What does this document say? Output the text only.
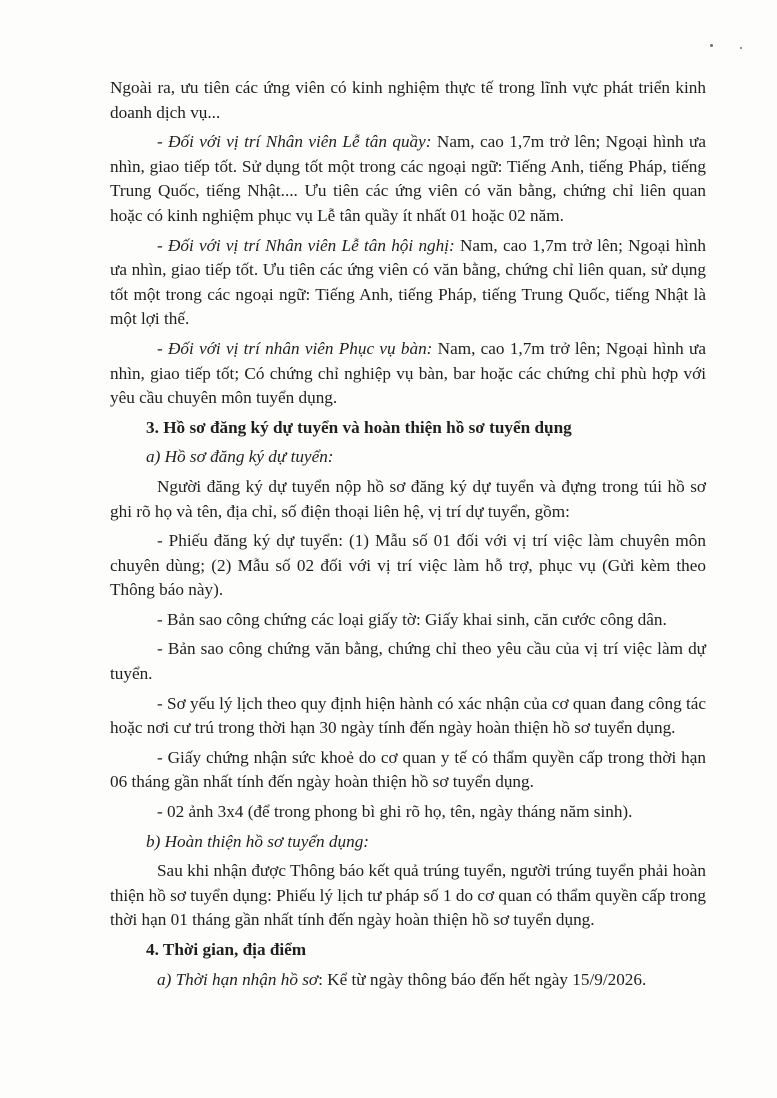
Ngoài ra, ưu tiên các ứng viên có kinh nghiệm thực tế trong lĩnh vực phát triển kinh doanh dịch vụ...

- Đối với vị trí Nhân viên Lễ tân quầy: Nam, cao 1,7m trở lên; Ngoại hình ưa nhìn, giao tiếp tốt. Sử dụng tốt một trong các ngoại ngữ: Tiếng Anh, tiếng Pháp, tiếng Trung Quốc, tiếng Nhật.... Ưu tiên các ứng viên có văn bằng, chứng chỉ liên quan hoặc có kinh nghiệm phục vụ Lễ tân quầy ít nhất 01 hoặc 02 năm.

- Đối với vị trí Nhân viên Lễ tân hội nghị: Nam, cao 1,7m trở lên; Ngoại hình ưa nhìn, giao tiếp tốt. Ưu tiên các ứng viên có văn bằng, chứng chỉ liên quan, sử dụng tốt một trong các ngoại ngữ: Tiếng Anh, tiếng Pháp, tiếng Trung Quốc, tiếng Nhật là một lợi thế.

- Đối với vị trí nhân viên Phục vụ bàn: Nam, cao 1,7m trở lên; Ngoại hình ưa nhìn, giao tiếp tốt; Có chứng chỉ nghiệp vụ bàn, bar hoặc các chứng chỉ phù hợp với yêu cầu chuyên môn tuyển dụng.

3. Hồ sơ đăng ký dự tuyển và hoàn thiện hồ sơ tuyển dụng

a) Hồ sơ đăng ký dự tuyển:

Người đăng ký dự tuyển nộp hồ sơ đăng ký dự tuyển và đựng trong túi hồ sơ ghi rõ họ và tên, địa chỉ, số điện thoại liên hệ, vị trí dự tuyển, gồm:

- Phiếu đăng ký dự tuyển: (1) Mẫu số 01 đối với vị trí việc làm chuyên môn chuyên dùng; (2) Mẫu số 02 đối với vị trí việc làm hỗ trợ, phục vụ (Gửi kèm theo Thông báo này).

- Bản sao công chứng các loại giấy tờ: Giấy khai sinh, căn cước công dân.

- Bản sao công chứng văn bằng, chứng chỉ theo yêu cầu của vị trí việc làm dự tuyển.

- Sơ yếu lý lịch theo quy định hiện hành có xác nhận của cơ quan đang công tác hoặc nơi cư trú trong thời hạn 30 ngày tính đến ngày hoàn thiện hồ sơ tuyển dụng.

- Giấy chứng nhận sức khoẻ do cơ quan y tế có thẩm quyền cấp trong thời hạn 06 tháng gần nhất tính đến ngày hoàn thiện hồ sơ tuyển dụng.

- 02 ảnh 3x4 (để trong phong bì ghi rõ họ, tên, ngày tháng năm sinh).

b) Hoàn thiện hồ sơ tuyển dụng:

Sau khi nhận được Thông báo kết quả trúng tuyển, người trúng tuyển phải hoàn thiện hồ sơ tuyển dụng: Phiếu lý lịch tư pháp số 1 do cơ quan có thẩm quyền cấp trong thời hạn 01 tháng gần nhất tính đến ngày hoàn thiện hồ sơ tuyển dụng.

4. Thời gian, địa điểm

a) Thời hạn nhận hồ sơ: Kể từ ngày thông báo đến hết ngày 15/9/2026.
